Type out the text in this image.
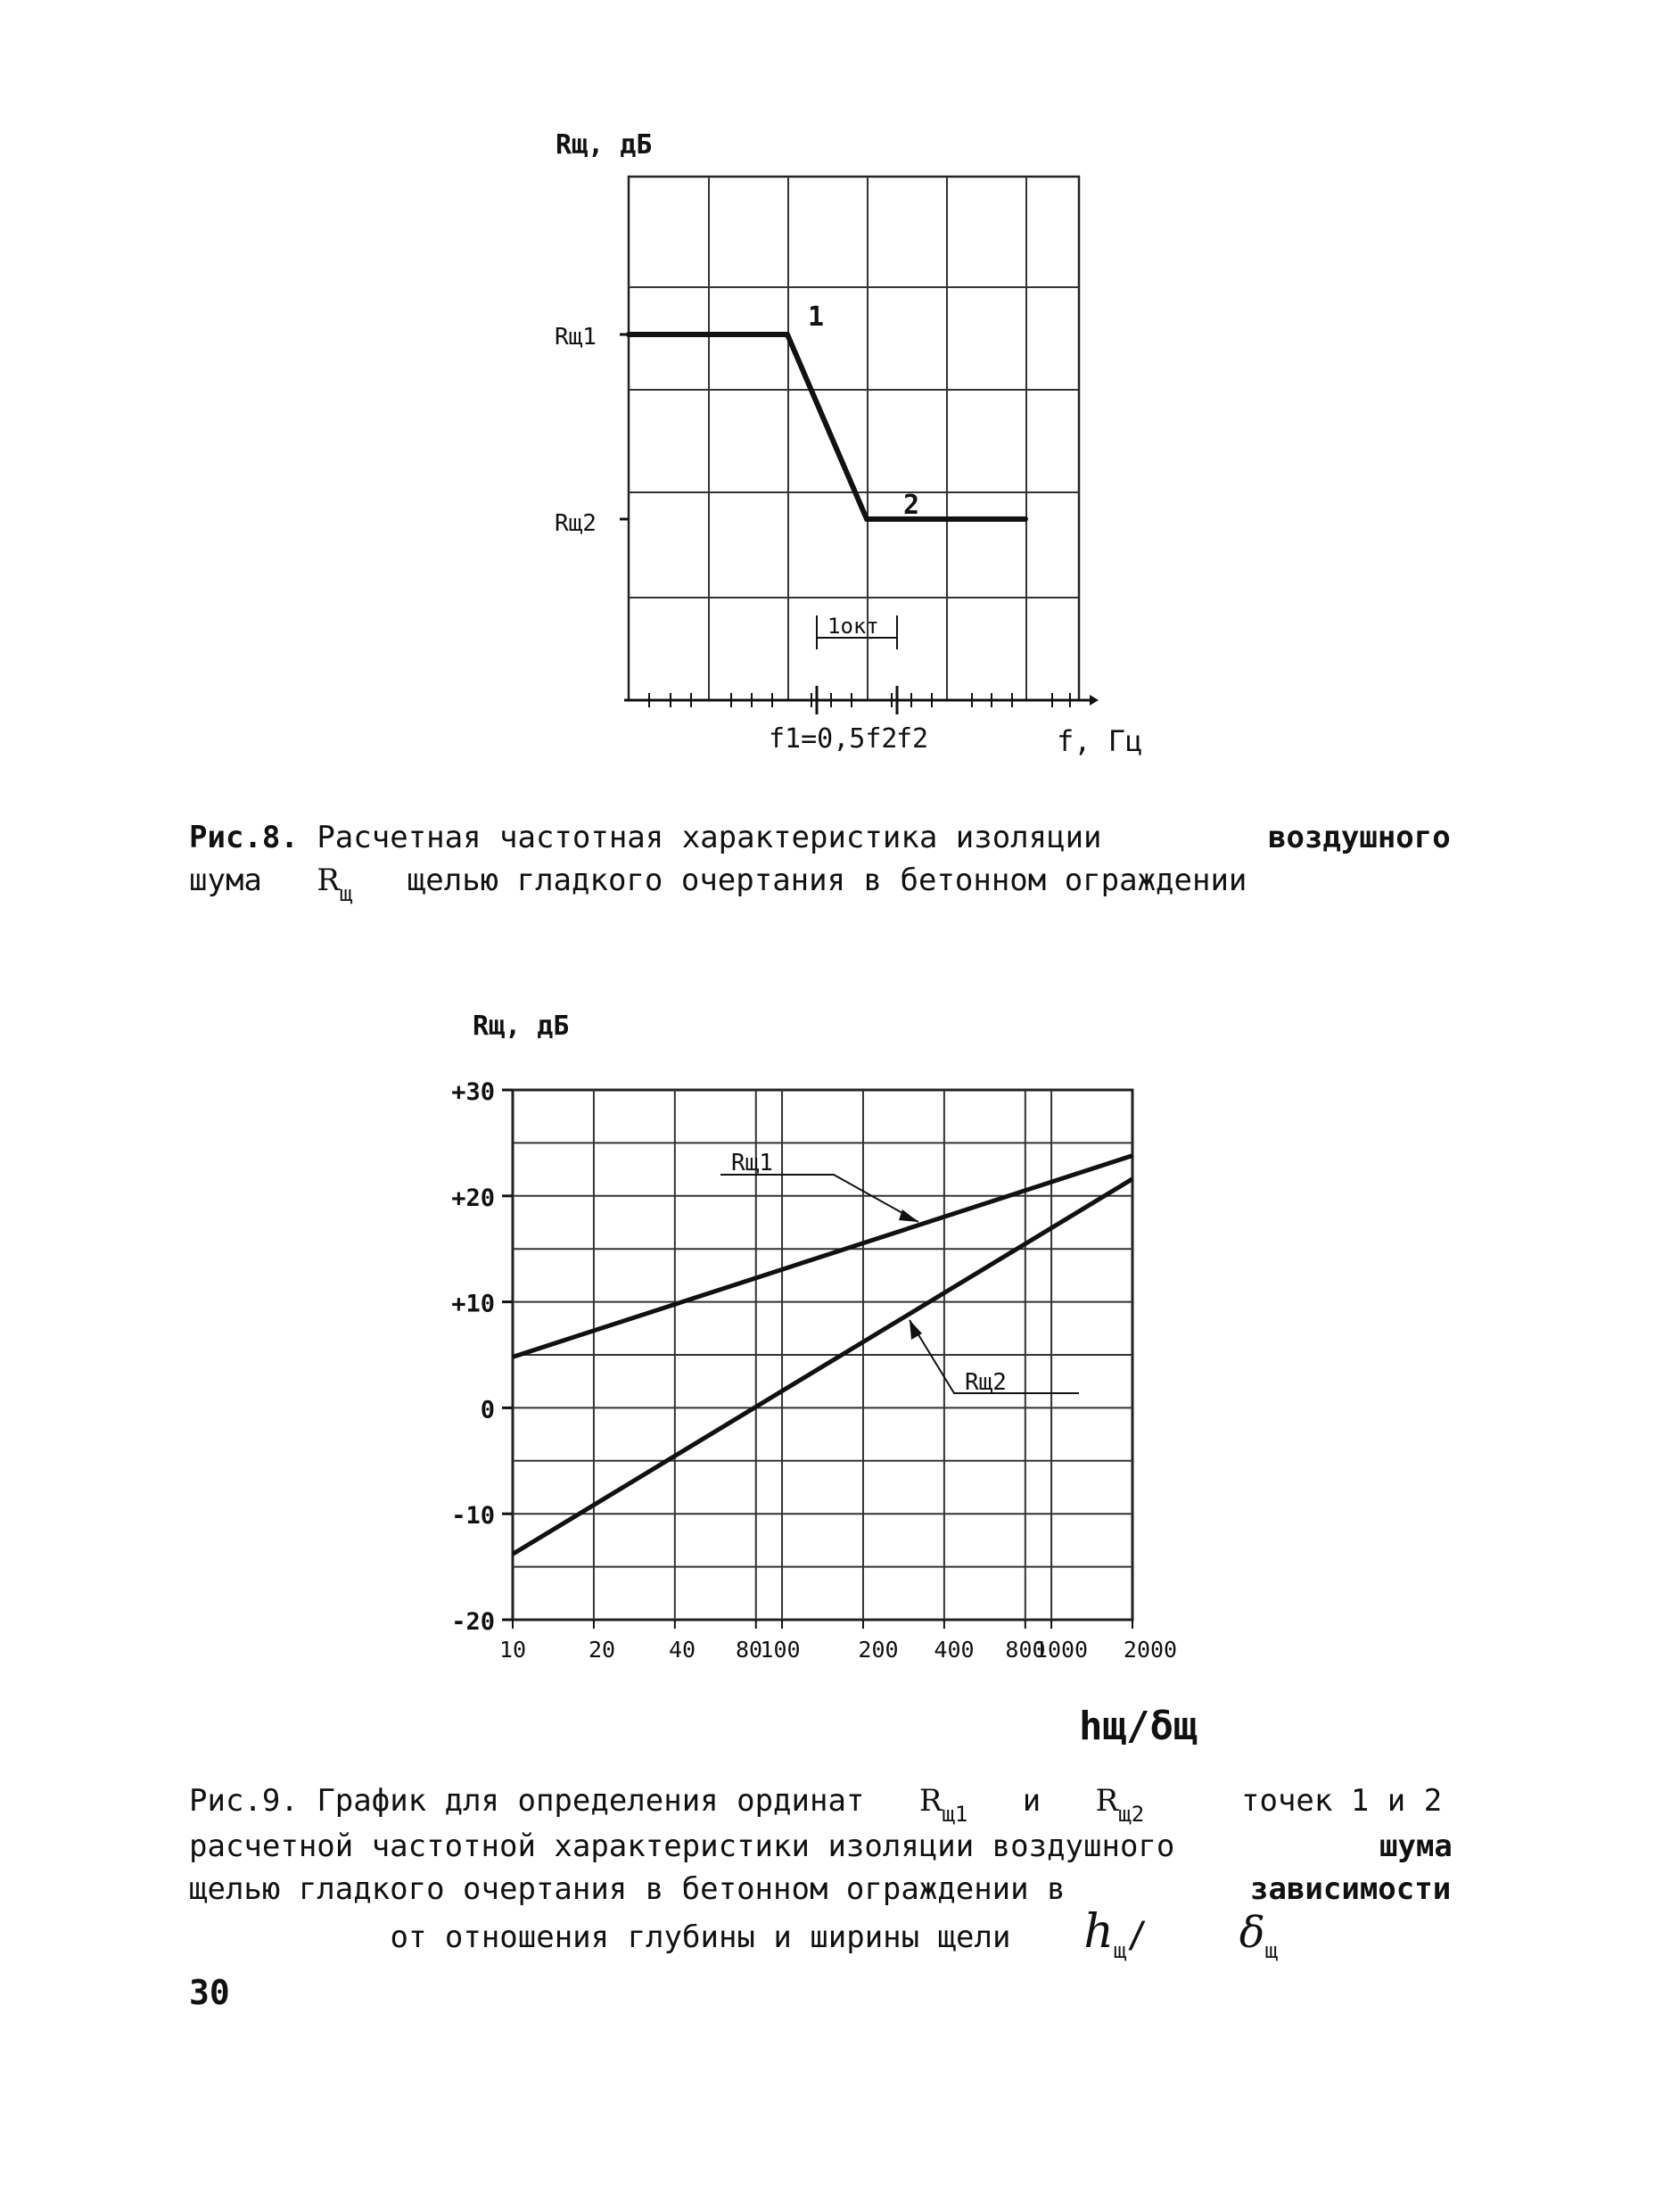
Rщ, дБ
Rщ1
Rщ2
1
2
1окт
f1=0,5f2
f2	f, Гц

Рис.8. Расчетная частотная характеристика изоляции	воздушного

шума $R_щ$ щелью гладкого очертания в бетонном ограждении

-20
-10
0
+10
+20
+30
10	20 40 80
100	200 400 800
1000 2000
Rщ1
Rщ2
Rщ, дБ
hщ/δщ

Рис.9. График для определения ординат $R_{щ1}$ и $R_{щ2}$	точек 1 и 2

расчетной частотной характеристики изоляции воздушного	шума

щелью гладкого очертания в бетонном ограждении в	зависимости

от отношения глубины и ширины щели $h_щ/$ $\delta_щ$

30
